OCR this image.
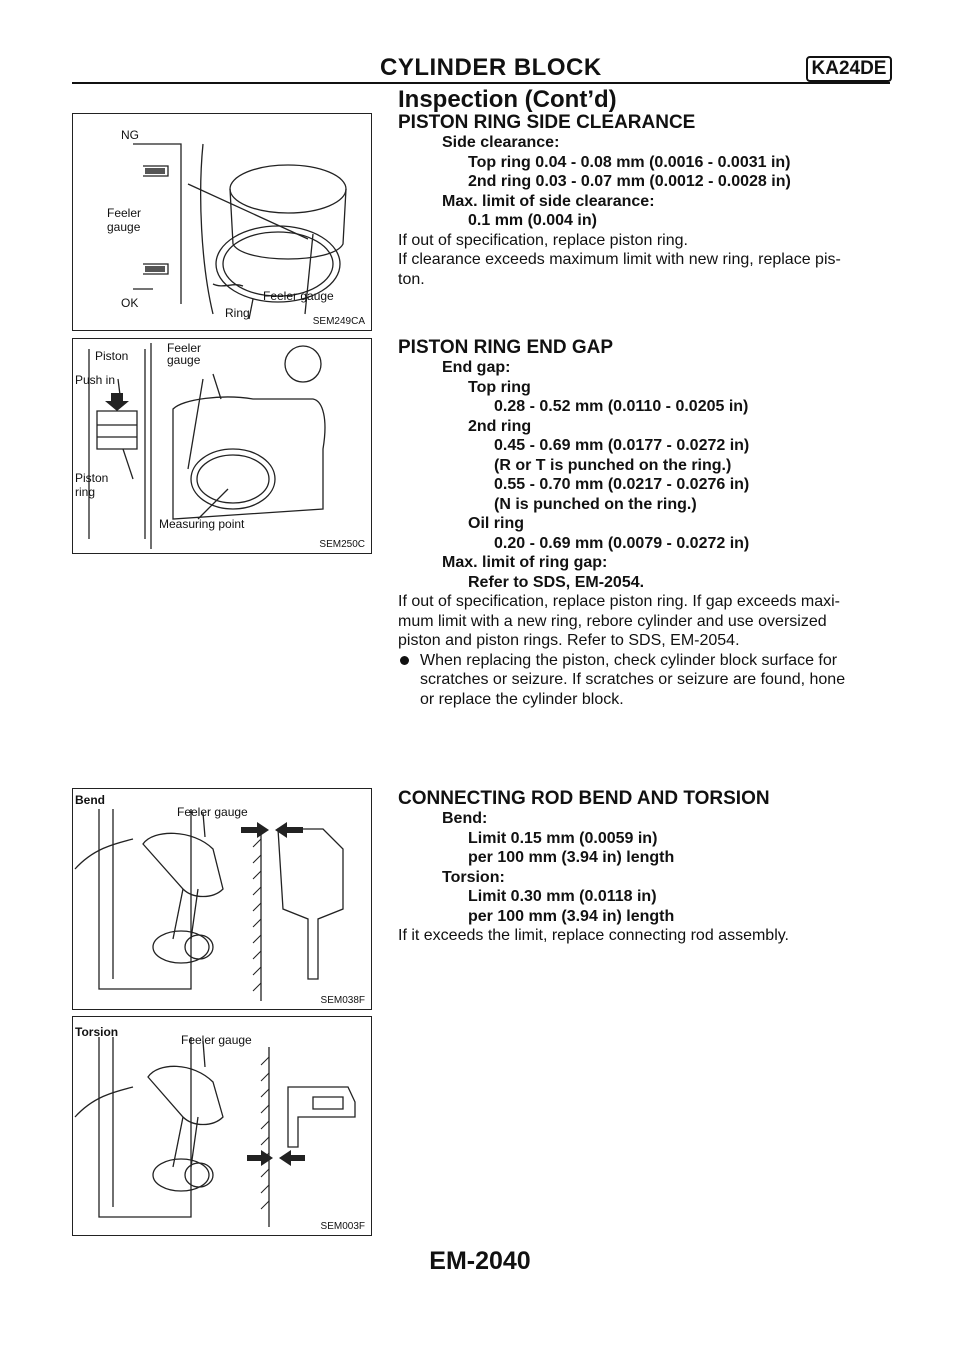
CYLINDER BLOCK	KA24DE
Inspection (Cont’d)
NG
Feeler
gauge
OK	Feeler gauge
Ring
SEM249CA
Piston
Push in
Piston
ring
Feeler
gauge
Measuring point
SEM250C
Bend
Feeler gauge
SEM038F
Torsion
Feeler gauge
SEM003F
PISTON RING SIDE CLEARANCE
Side clearance:
Top ring 0.04 - 0.08 mm (0.0016 - 0.0031 in)
2nd ring 0.03 - 0.07 mm (0.0012 - 0.0028 in)
Max. limit of side clearance:
0.1 mm (0.004 in)
If out of specification, replace piston ring.
If clearance exceeds maximum limit with new ring, replace pis-
ton.
PISTON RING END GAP
End gap:
Top ring
0.28 - 0.52 mm (0.0110 - 0.0205 in)
2nd ring
0.45 - 0.69 mm (0.0177 - 0.0272 in)
(R or T is punched on the ring.)
0.55 - 0.70 mm (0.0217 - 0.0276 in)
(N is punched on the ring.)
Oil ring
0.20 - 0.69 mm (0.0079 - 0.0272 in)
Max. limit of ring gap:
Refer to SDS, EM-2054.
If out of specification, replace piston ring. If gap exceeds maxi-
mum limit with a new ring, rebore cylinder and use oversized
piston and piston rings. Refer to SDS, EM-2054.
When replacing the piston, check cylinder block surface for
scratches or seizure. If scratches or seizure are found, hone
or replace the cylinder block.
CONNECTING ROD BEND AND TORSION
Bend:
Limit 0.15 mm (0.0059 in)
per 100 mm (3.94 in) length
Torsion:
Limit 0.30 mm (0.0118 in)
per 100 mm (3.94 in) length
If it exceeds the limit, replace connecting rod assembly.
EM-2040
